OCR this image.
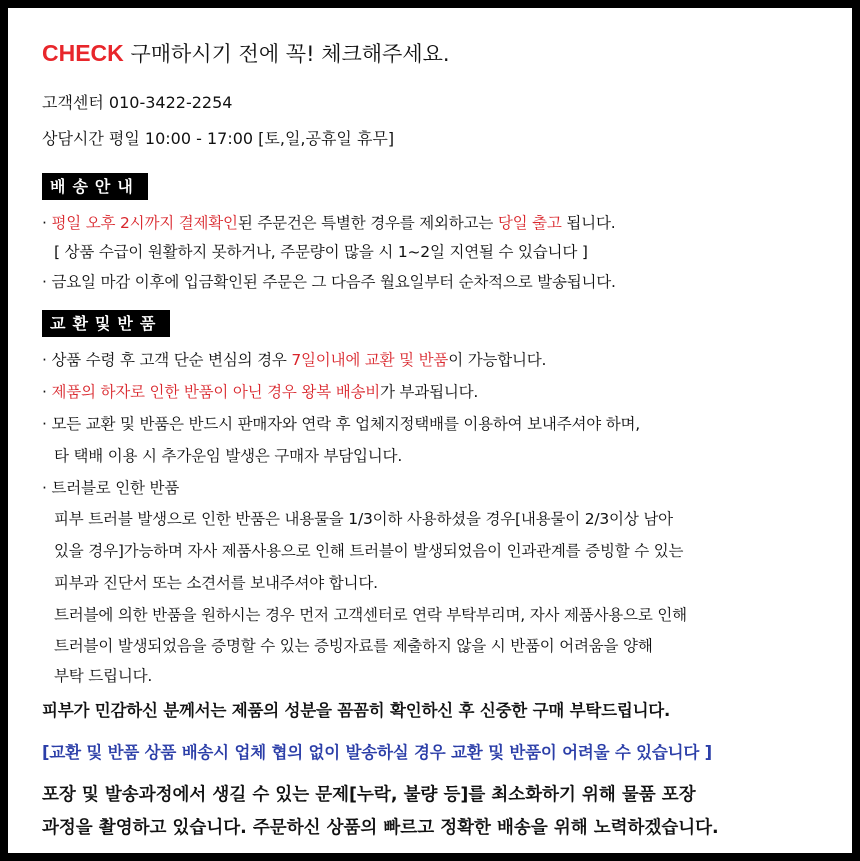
CHECK 구매하시기 전에 꼭! 체크해주세요.
고객센터 010-3422-2254
상담시간 평일 10:00 - 17:00 [토,일,공휴일 휴무]
배송안내
· 평일 오후 2시까지 결제확인된 주문건은 특별한 경우를 제외하고는 당일 출고 됩니다.
[ 상품 수급이 원활하지 못하거나, 주문량이 많을 시 1~2일 지연될 수 있습니다 ]
· 금요일 마감 이후에 입금확인된 주문은 그 다음주 월요일부터 순차적으로 발송됩니다.
교환및반품
· 상품 수령 후 고객 단순 변심의 경우 7일이내에 교환 및 반품이 가능합니다.
· 제품의 하자로 인한 반품이 아닌 경우 왕복 배송비가 부과됩니다.
· 모든 교환 및 반품은 반드시 판매자와 연락 후 업체지정택배를 이용하여 보내주셔야 하며,
타 택배 이용 시 추가운임 발생은 구매자 부담입니다.
· 트러블로 인한 반품
피부 트러블 발생으로 인한 반품은 내용물을 1/3이하 사용하셨을 경우[내용물이 2/3이상 남아
있을 경우]가능하며 자사 제품사용으로 인해 트러블이 발생되었음이 인과관계를 증빙할 수 있는
피부과 진단서 또는 소견서를 보내주셔야 합니다.
트러블에 의한 반품을 원하시는 경우 먼저 고객센터로 연락 부탁부리며, 자사 제품사용으로 인해
트러블이 발생되었음을 증명할 수 있는 증빙자료를 제출하지 않을 시 반품이 어려움을 양해
부탁 드립니다.
피부가 민감하신 분께서는 제품의 성분을 꼼꼼히 확인하신 후 신중한 구매 부탁드립니다.
[교환 및 반품 상품 배송시 업체 협의 없이 발송하실 경우 교환 및 반품이 어려울 수 있습니다 ]
포장 및 발송과정에서 생길 수 있는 문제[누락, 불량 등]를 최소화하기 위해 물품 포장
과정을 촬영하고 있습니다. 주문하신 상품의 빠르고 정확한 배송을 위해 노력하겠습니다.
